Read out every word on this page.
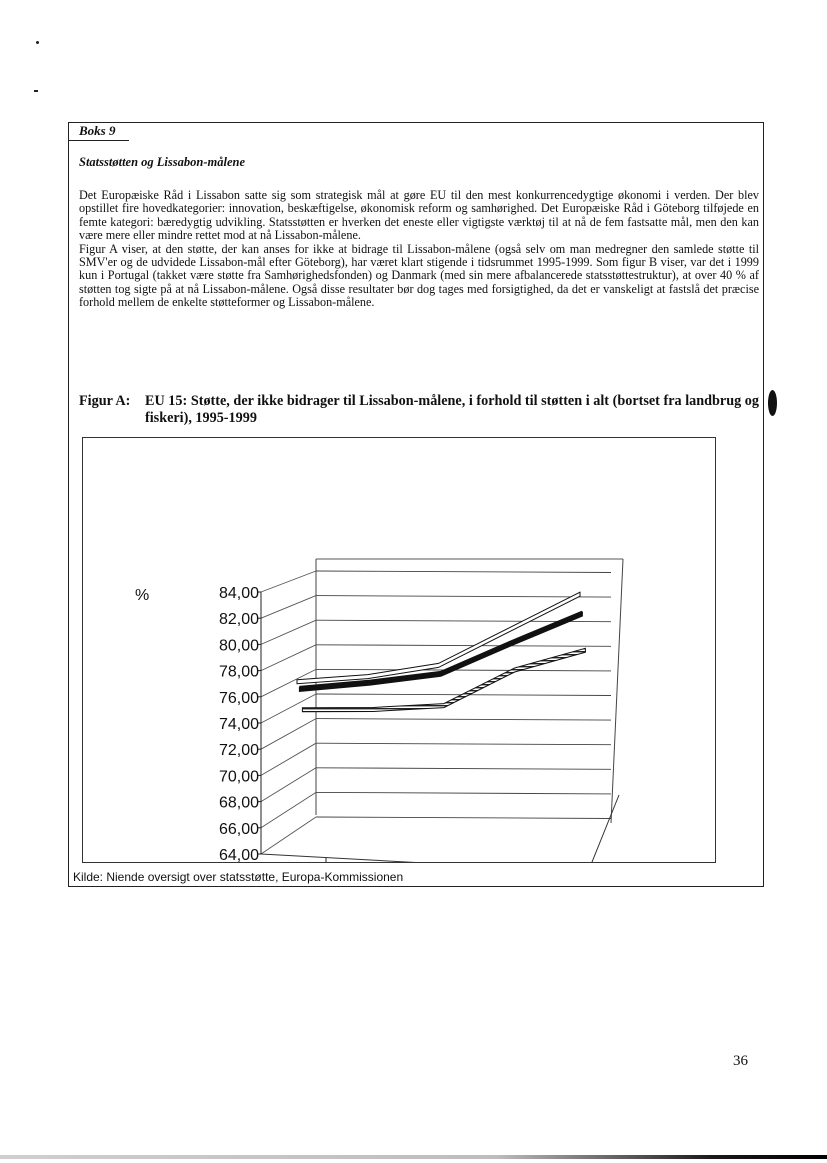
Boks 9
Statsstøtten og Lissabon-målene

Det Europæiske Råd i Lissabon satte sig som strategisk mål at gøre EU til den mest konkurrencedygtige økonomi i verden. Der blev opstillet fire hovedkategorier: innovation, beskæftigelse, økonomisk reform og samhørighed. Det Europæiske Råd i Göteborg tilføjede en femte kategori: bæredygtig udvikling. Statsstøtten er hverken det eneste eller vigtigste værktøj til at nå de fem fastsatte mål, men den kan være mere eller mindre rettet mod at nå Lissabon-målene.

Figur A viser, at den støtte, der kan anses for ikke at bidrage til Lissabon-målene (også selv om man medregner den samlede støtte til SMV'er og de udvidede Lissabon-mål efter Göteborg), har været klart stigende i tidsrummet 1995-1999. Som figur B viser, var det i 1999 kun i Portugal (takket være støtte fra Samhørighedsfonden) og Danmark (med sin mere afbalancerede statsstøttestruktur), at over 40 % af støtten tog sigte på at nå Lissabon-målene. Også disse resultater bør dog tages med forsigtighed, da det er vanskeligt at fastslå det præcise forhold mellem de enkelte støtteformer og Lissabon-målene.

Figur A: EU 15: Støtte, der ikke bidrager til Lissabon-målene, i forhold til støtten i alt (bortset fra landbrug og fiskeri), 1995-1999
84,00
82,00
80,00
78,00
76,00
74,00
72,00
70,00
68,00
66,00
64,00
%
Kilde: Niende oversigt over statsstøtte, Europa-Kommissionen
36
